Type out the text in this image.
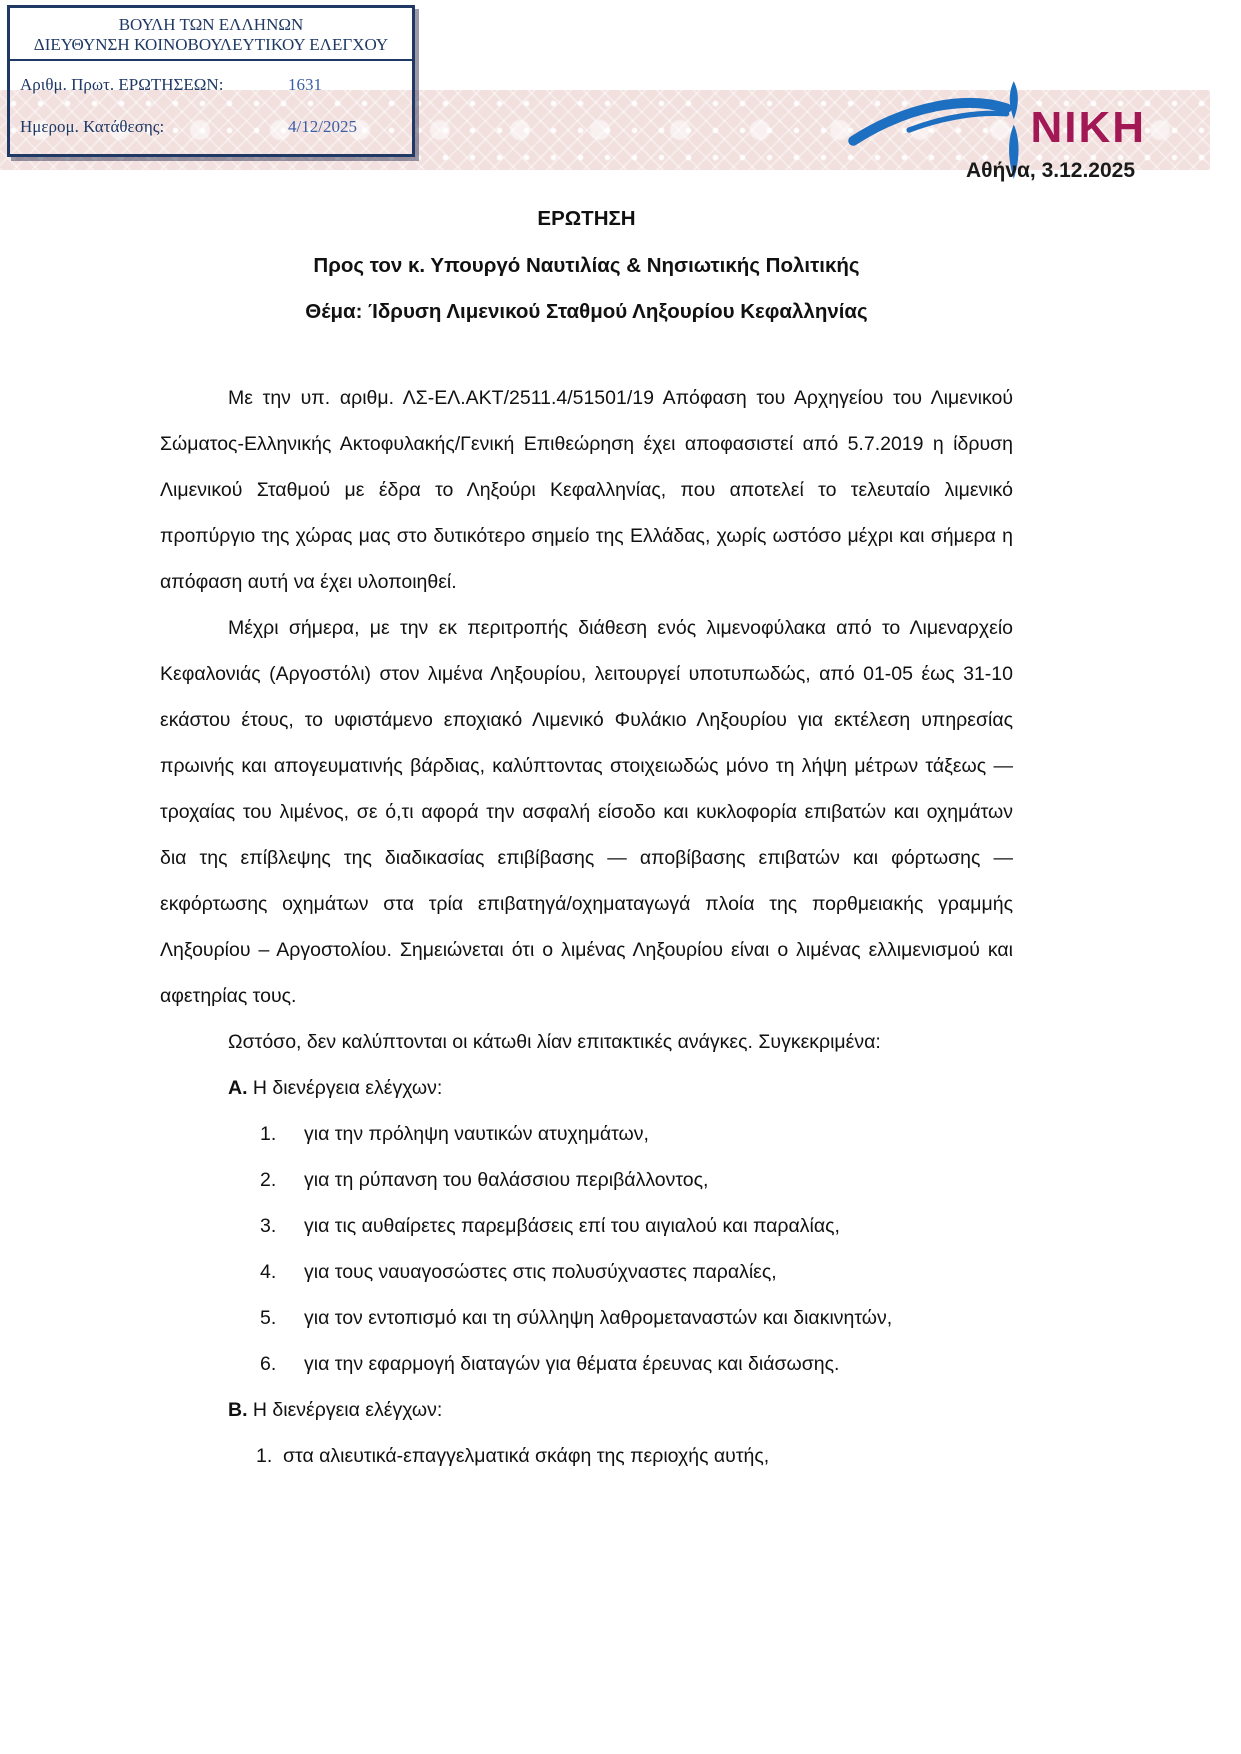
ΒΟΥΛΗ ΤΩΝ ΕΛΛΗΝΩΝ
ΔΙΕΥΘΥΝΣΗ ΚΟΙΝΟΒΟΥΛΕΥΤΙΚΟΥ ΕΛΕΓΧΟΥ
Αριθμ. Πρωτ. ΕΡΩΤΗΣΕΩΝ:	1631
Ημερομ. Κατάθεσης:	4/12/2025	ΝΙΚΗ
Αθήνα, 3.12.2025
ΕΡΩΤΗΣΗ
Προς τον κ. Υπουργό Ναυτιλίας & Νησιωτικής Πολιτικής
Θέμα: Ίδρυση Λιμενικού Σταθμού Ληξουρίου Κεφαλληνίας

Με την υπ. αριθμ. ΛΣ-ΕΛ.ΑΚΤ/2511.4/51501/19 Απόφαση του Αρχηγείου του Λιμενικού Σώματος-Ελληνικής Ακτοφυλακής/Γενική Επιθεώρηση έχει αποφασιστεί από 5.7.2019 η ίδρυση Λιμενικού Σταθμού με έδρα το Ληξούρι Κεφαλληνίας, που αποτελεί το τελευταίο λιμενικό προπύργιο της χώρας μας στο δυτικότερο σημείο της Ελλάδας, χωρίς ωστόσο μέχρι και σήμερα η απόφαση αυτή να έχει υλοποιηθεί.

Μέχρι σήμερα, με την εκ περιτροπής διάθεση ενός λιμενοφύλακα από το Λιμεναρχείο Κεφαλονιάς (Αργοστόλι) στον λιμένα Ληξουρίου, λειτουργεί υποτυπωδώς, από 01-05 έως 31-10 εκάστου έτους, το υφιστάμενο εποχιακό Λιμενικό Φυλάκιο Ληξουρίου για εκτέλεση υπηρεσίας πρωινής και απογευματινής βάρδιας, καλύπτοντας στοιχειωδώς μόνο τη λήψη μέτρων τάξεως — τροχαίας του λιμένος, σε ό,τι αφορά την ασφαλή είσοδο και κυκλοφορία επιβατών και οχημάτων δια της επίβλεψης της διαδικασίας επιβίβασης — αποβίβασης επιβατών και φόρτωσης — εκφόρτωσης οχημάτων στα τρία επιβατηγά/οχηματαγωγά πλοία της πορθμειακής γραμμής Ληξουρίου – Αργοστολίου. Σημειώνεται ότι ο λιμένας Ληξουρίου είναι ο λιμένας ελλιμενισμού και αφετηρίας τους.

Ωστόσο, δεν καλύπτονται οι κάτωθι λίαν επιτακτικές ανάγκες. Συγκεκριμένα:

Α. Η διενέργεια ελέγχων:
για την πρόληψη ναυτικών ατυχημάτων,
για τη ρύπανση του θαλάσσιου περιβάλλοντος,
για τις αυθαίρετες παρεμβάσεις επί του αιγιαλού και παραλίας,
για τους ναυαγοσώστες στις πολυσύχναστες παραλίες,
για τον εντοπισμό και τη σύλληψη λαθρομεταναστών και διακινητών,
για την εφαρμογή διαταγών για θέματα έρευνας και διάσωσης.
Β. Η διενέργεια ελέγχων:
στα αλιευτικά-επαγγελματικά σκάφη της περιοχής αυτής,
